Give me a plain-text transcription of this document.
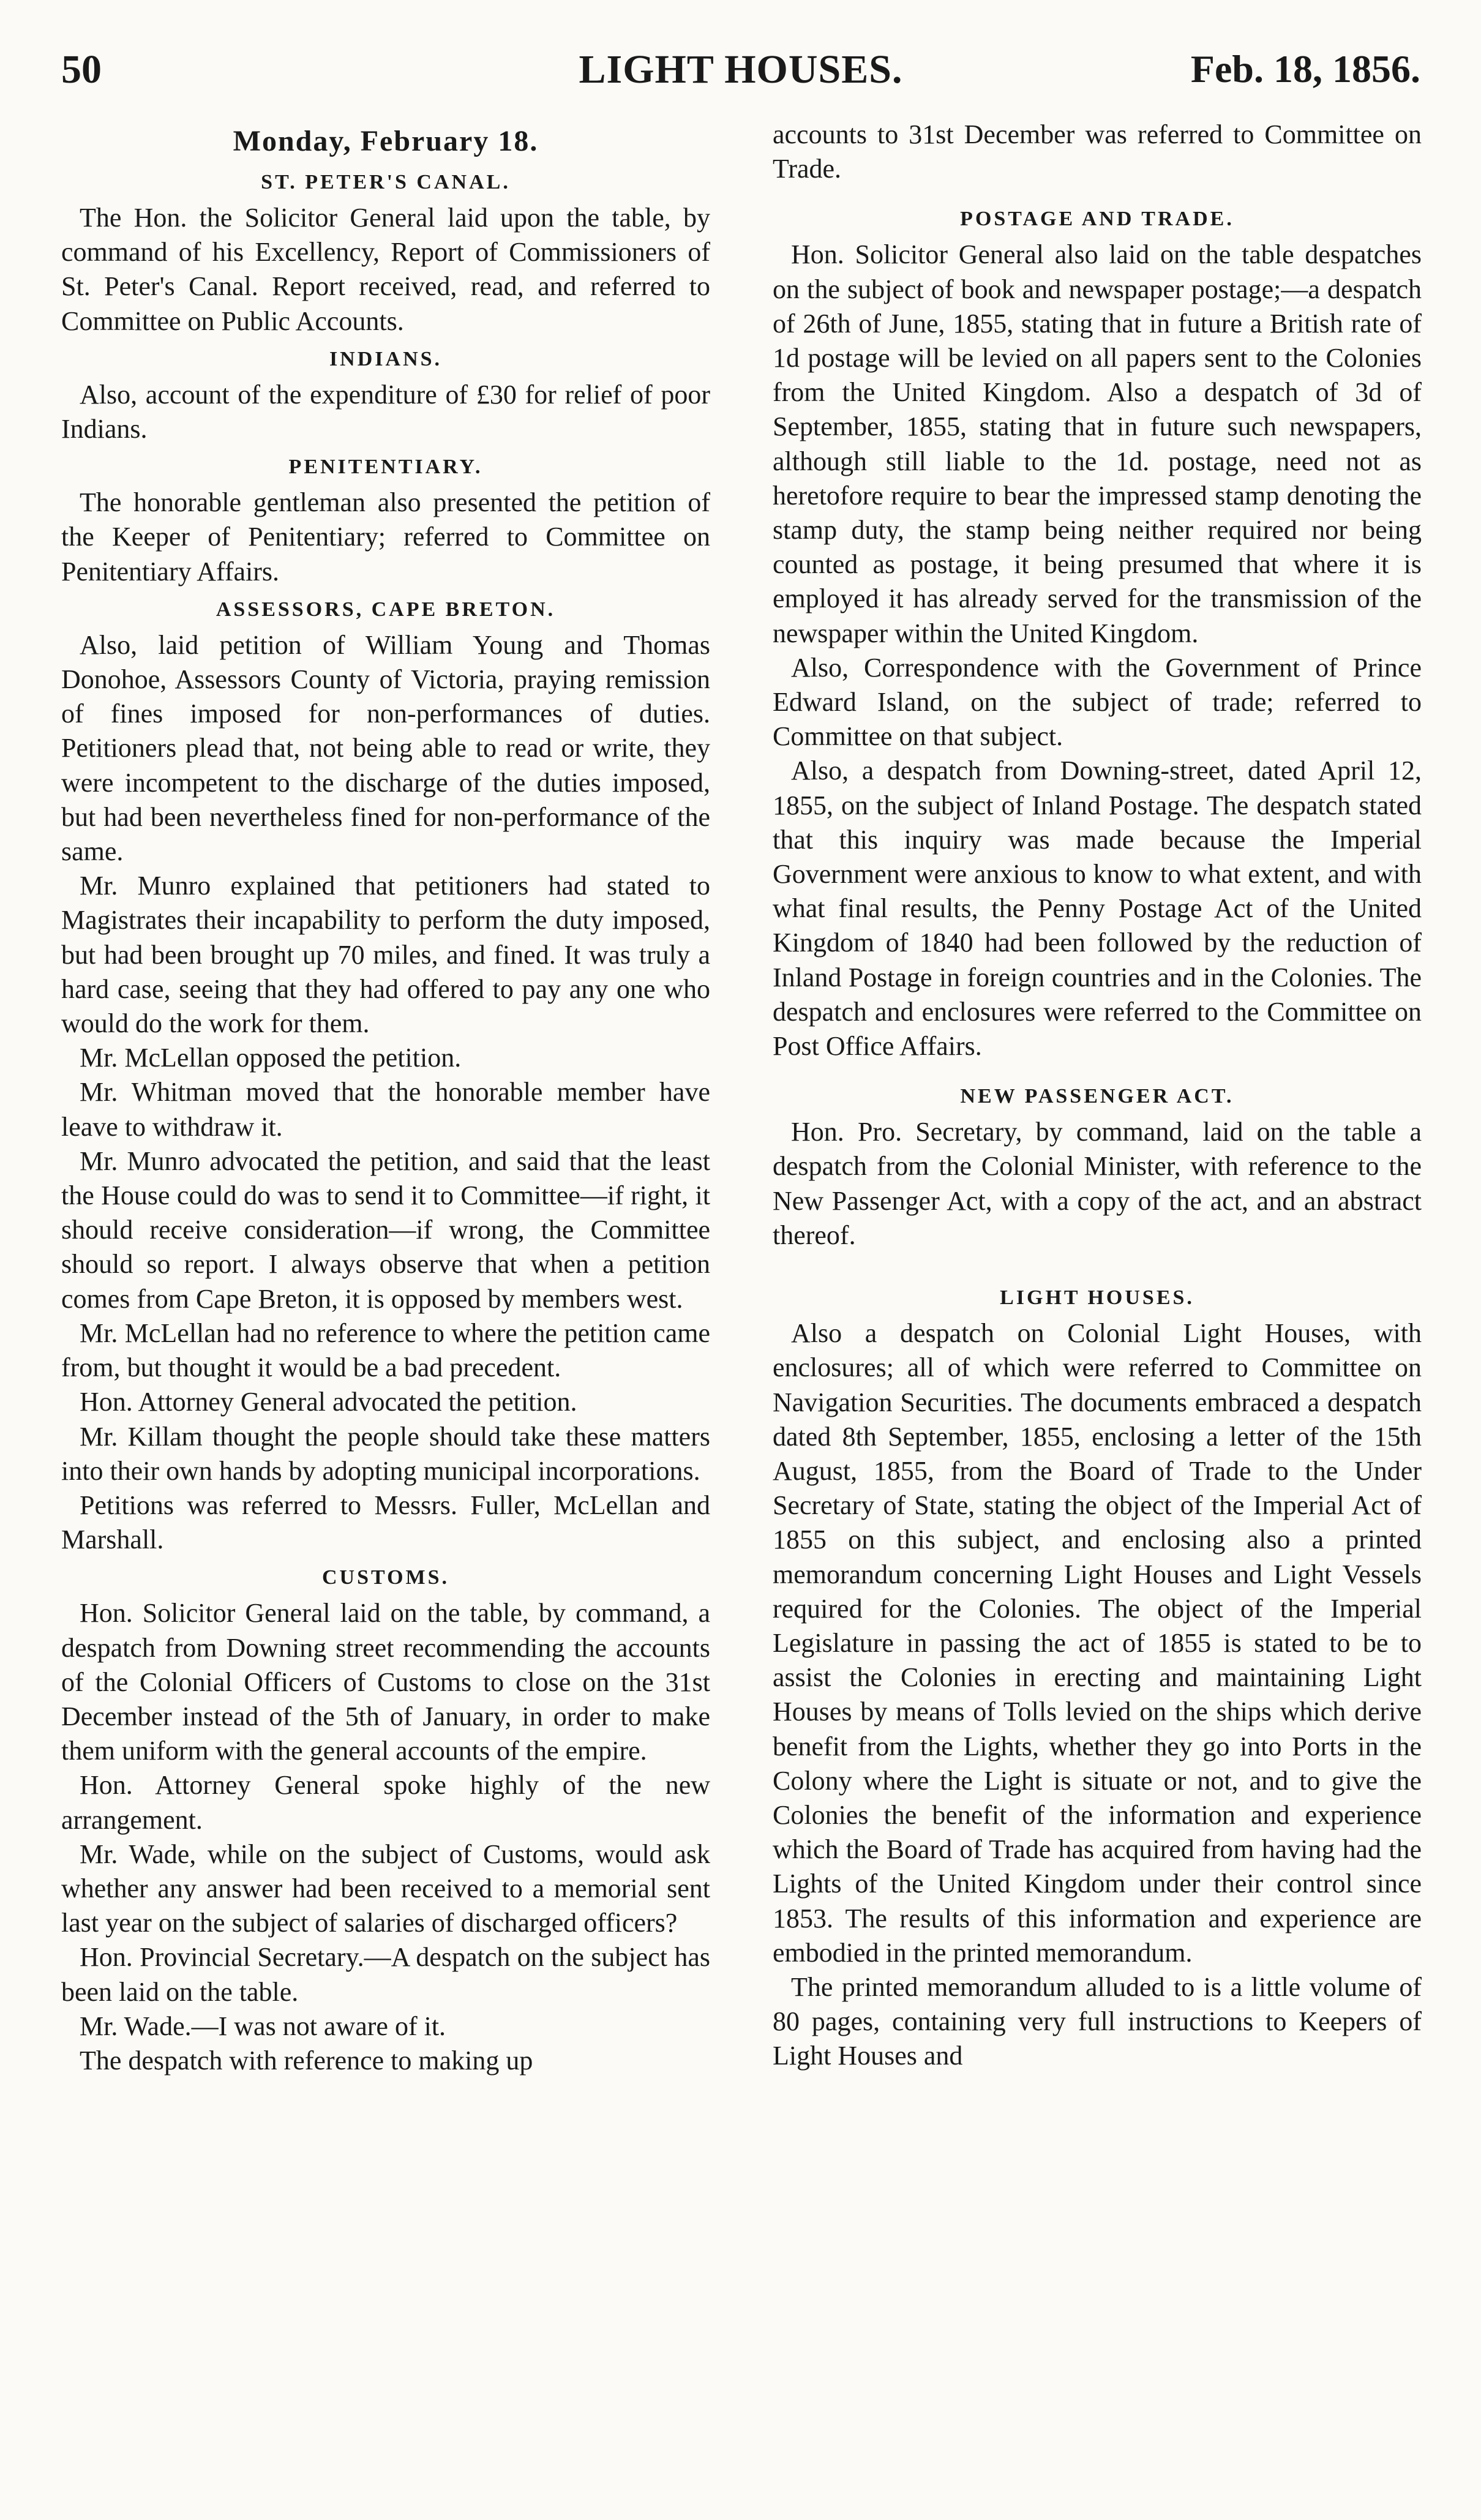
50	LIGHT HOUSES.	Feb. 18, 1856.
Monday, February 18.
ST. PETER'S CANAL.

The Hon. the Solicitor General laid upon the table, by command of his Excellency, Report of Commissioners of St. Peter's Canal. Report received, read, and referred to Committee on Public Accounts.

INDIANS.

Also, account of the expenditure of £30 for relief of poor Indians.

PENITENTIARY.

The honorable gentleman also presented the petition of the Keeper of Penitentiary; referred to Committee on Penitentiary Affairs.

ASSESSORS, CAPE BRETON.

Also, laid petition of William Young and Thomas Donohoe, Assessors County of Victoria, praying remission of fines imposed for non-performances of duties. Petitioners plead that, not being able to read or write, they were incompetent to the discharge of the duties imposed, but had been nevertheless fined for non-performance of the same.

Mr. Munro explained that petitioners had stated to Magistrates their incapability to perform the duty imposed, but had been brought up 70 miles, and fined. It was truly a hard case, seeing that they had offered to pay any one who would do the work for them.

Mr. McLellan opposed the petition.

Mr. Whitman moved that the honorable member have leave to withdraw it.

Mr. Munro advocated the petition, and said that the least the House could do was to send it to Committee—if right, it should receive consideration—if wrong, the Committee should so report. I always observe that when a petition comes from Cape Breton, it is opposed by members west.

Mr. McLellan had no reference to where the petition came from, but thought it would be a bad precedent.

Hon. Attorney General advocated the petition.

Mr. Killam thought the people should take these matters into their own hands by adopting municipal incorporations.

Petitions was referred to Messrs. Fuller, McLellan and Marshall.

CUSTOMS.

Hon. Solicitor General laid on the table, by command, a despatch from Downing street recommending the accounts of the Colonial Officers of Customs to close on the 31st December instead of the 5th of January, in order to make them uniform with the general accounts of the empire.

Hon. Attorney General spoke highly of the new arrangement.

Mr. Wade, while on the subject of Customs, would ask whether any answer had been received to a memorial sent last year on the subject of salaries of discharged officers?

Hon. Provincial Secretary.—A despatch on the subject has been laid on the table.

Mr. Wade.—I was not aware of it.

The despatch with reference to making up

accounts to 31st December was referred to Committee on Trade.

POSTAGE AND TRADE.

Hon. Solicitor General also laid on the table despatches on the subject of book and newspaper postage;—a despatch of 26th of June, 1855, stating that in future a British rate of 1d postage will be levied on all papers sent to the Colonies from the United Kingdom. Also a despatch of 3d of September, 1855, stating that in future such newspapers, although still liable to the 1d. postage, need not as heretofore require to bear the impressed stamp denoting the stamp duty, the stamp being neither required nor being counted as postage, it being presumed that where it is employed it has already served for the transmission of the newspaper within the United Kingdom.

Also, Correspondence with the Government of Prince Edward Island, on the subject of trade; referred to Committee on that subject.

Also, a despatch from Downing-street, dated April 12, 1855, on the subject of Inland Postage. The despatch stated that this inquiry was made because the Imperial Government were anxious to know to what extent, and with what final results, the Penny Postage Act of the United Kingdom of 1840 had been followed by the reduction of Inland Postage in foreign countries and in the Colonies. The despatch and enclosures were referred to the Committee on Post Office Affairs.

NEW PASSENGER ACT.

Hon. Pro. Secretary, by command, laid on the table a despatch from the Colonial Minister, with reference to the New Passenger Act, with a copy of the act, and an abstract thereof.

LIGHT HOUSES.

Also a despatch on Colonial Light Houses, with enclosures; all of which were referred to Committee on Navigation Securities. The documents embraced a despatch dated 8th September, 1855, enclosing a letter of the 15th August, 1855, from the Board of Trade to the Under Secretary of State, stating the object of the Imperial Act of 1855 on this subject, and enclosing also a printed memorandum concerning Light Houses and Light Vessels required for the Colonies. The object of the Imperial Legislature in passing the act of 1855 is stated to be to assist the Colonies in erecting and maintaining Light Houses by means of Tolls levied on the ships which derive benefit from the Lights, whether they go into Ports in the Colony where the Light is situate or not, and to give the Colonies the benefit of the information and experience which the Board of Trade has acquired from having had the Lights of the United Kingdom under their control since 1853. The results of this information and experience are embodied in the printed memorandum.

The printed memorandum alluded to is a little volume of 80 pages, containing very full instructions to Keepers of Light Houses and
